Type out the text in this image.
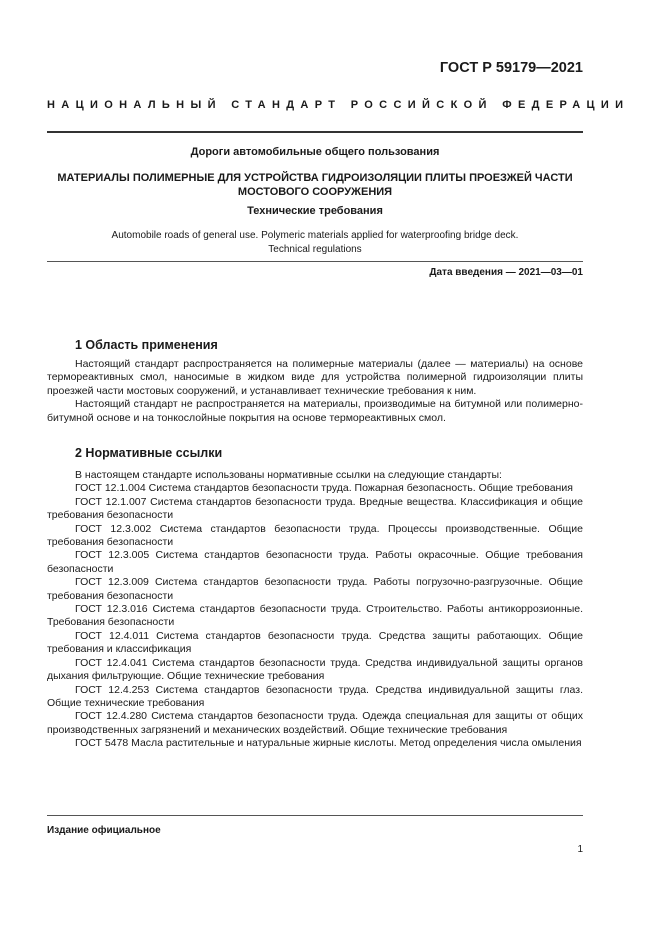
ГОСТ Р 59179—2021
НАЦИОНАЛЬНЫЙ СТАНДАРТ РОССИЙСКОЙ ФЕДЕРАЦИИ
Дороги автомобильные общего пользования
МАТЕРИАЛЫ ПОЛИМЕРНЫЕ ДЛЯ УСТРОЙСТВА ГИДРОИЗОЛЯЦИИ ПЛИТЫ ПРОЕЗЖЕЙ ЧАСТИ МОСТОВОГО СООРУЖЕНИЯ
Технические требования
Automobile roads of general use. Polymeric materials applied for waterproofing bridge deck.
Technical regulations
Дата введения — 2021—03—01
1 Область применения

Настоящий стандарт распространяется на полимерные материалы (далее — материалы) на основе термореактивных смол, наносимые в жидком виде для устройства полимерной гидроизоляции плиты проезжей части мостовых сооружений, и устанавливает технические требования к ним.

Настоящий стандарт не распространяется на материалы, производимые на битумной или полимерно-битумной основе и на тонкослойные покрытия на основе термореактивных смол.

2 Нормативные ссылки

В настоящем стандарте использованы нормативные ссылки на следующие стандарты:

ГОСТ 12.1.004 Система стандартов безопасности труда. Пожарная безопасность. Общие требования

ГОСТ 12.1.007 Система стандартов безопасности труда. Вредные вещества. Классификация и общие требования безопасности

ГОСТ 12.3.002 Система стандартов безопасности труда. Процессы производственные. Общие требования безопасности

ГОСТ 12.3.005 Система стандартов безопасности труда. Работы окрасочные. Общие требования безопасности

ГОСТ 12.3.009 Система стандартов безопасности труда. Работы погрузочно-разгрузочные. Общие требования безопасности

ГОСТ 12.3.016 Система стандартов безопасности труда. Строительство. Работы антикоррозионные. Требования безопасности

ГОСТ 12.4.011 Система стандартов безопасности труда. Средства защиты работающих. Общие требования и классификация

ГОСТ 12.4.041 Система стандартов безопасности труда. Средства индивидуальной защиты органов дыхания фильтрующие. Общие технические требования

ГОСТ 12.4.253 Система стандартов безопасности труда. Средства индивидуальной защиты глаз. Общие технические требования

ГОСТ 12.4.280 Система стандартов безопасности труда. Одежда специальная для защиты от общих производственных загрязнений и механических воздействий. Общие технические требования

ГОСТ 5478 Масла растительные и натуральные жирные кислоты. Метод определения числа омыления

Издание официальное
1
